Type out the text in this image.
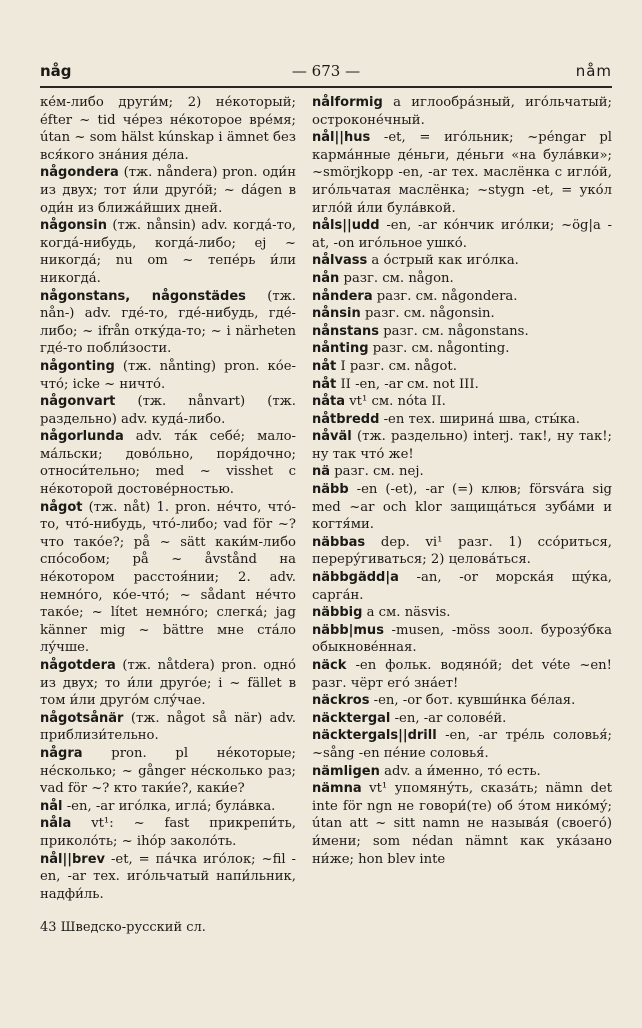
någ	— 673 —	nåm

ке́м-либо други́м; 2) не́который; éfter ~ tid че́рез не́которое вре́мя; útan ~ som hälst kúnskap i ämnet без вся́кого зна́ния де́ла.

någondera (тж. nåndera) pron. оди́н из двух; тот и́ли друго́й; ~ dágen в оди́н из ближа́йших дней.

någonsin (тж. nånsin) adv. когда́-то, когда́-нибудь, когда́-либо; ej ~ никогда́; nu om ~ тепе́рь и́ли никогда́.

någonstans, någonstädes (тж. nån-) adv. где́-то, где́-нибудь, где́-либо; ~ ifrån отку́да-то; ~ i närheten где́-то побли́зости.

någonting (тж. nånting) pron. ко́е-что́; icke ~ ничто́.

någonvart (тж. nånvart) (тж. раздельно) adv. куда́-либо.

någorlunda adv. та́к себе́; мало-ма́льски; дово́льно, поря́дочно; относи́тельно; med ~ visshet с не́которой достове́рностью.

något (тж. nåt) 1. pron. не́что, что́-то, что́-нибудь, что́-либо; vad för ~? что тако́е?; på ~ sätt каки́м-либо спо́собом; på ~ åvstånd на не́котором расстоя́нии; 2. adv. немно́го, ко́е-что́; ~ sådant не́что тако́е; ~ lítet немно́го; слегка́; jag känner mig ~ bättre мне ста́ло лу́чше.

någotdera (тж. nåtdera) pron. одно́ из двух; то и́ли друго́е; i ~ fället в том и́ли друго́м слу́чае.

någotsånär (тж. något så när) adv. приблизи́тельно.

några pron. pl не́которые; не́сколько; ~ gånger не́сколько раз; vad för ~? кто таки́е?, каки́е?

nål -en, -ar иго́лка, игла́; була́вка.

nåla vt¹: ~ fast прикрепи́ть, приколо́ть; ~ ihóp заколо́ть.

nål||brev -et, = па́чка иго́лок; ~fil -en, -ar тех. иго́льчатый напи́льник, надфи́ль.

nålformig a иглообра́зный, иго́льчатый; остроконе́чный.

nål||hus -et, = иго́льник; ~péngar pl карма́нные де́ньги, де́ньги «на була́вки»; ~smörjkopp -en, -ar тех. маслёнка с игло́й, иго́льчатая маслёнка; ~stygn -et, = уко́л игло́й и́ли була́вкой.

nåls||udd -en, -ar ко́нчик иго́лки; ~ög|a -at, -on иго́льное ушко́.

nålvass a о́стрый как иго́лка.

nån разг. см. någon.

nåndera разг. см. någondera.

nånsin разг. см. någonsin.

nånstans разг. см. någonstans.

nånting разг. см. någonting.

nåt I разг. см. något.

nåt II -en, -ar см. not III.

nåta vt¹ см. nóta II.

nåtbredd -en тех. ширина́ шва, сты́ка.

nåväl (тж. раздельно) interj. так!, ну так!; ну так что́ же!

nä разг. см. nej.

näbb -en (-et), -ar (=) клюв; försvára sig med ~ar och klor защища́ться зуба́ми и когтя́ми.

näbbas dep. vi¹ разг. 1) ссо́риться, переру́гиваться; 2) целова́ться.

näbbgädd|a -an, -or морска́я щу́ка, сарга́н.

näbbig a см. näsvis.

näbb|mus -musen, -möss зоол. бурозу́бка обыкнове́нная.

näck -en фольк. водяно́й; det véte ~en! разг. чёрт его́ зна́ет!

näckros -en, -or бот. кувши́нка бе́лая.

näcktergal -en, -ar солове́й.

näcktergals||drill -en, -ar тре́ль соловья́; ~sång -en пе́ние соловья́.

nämligen adv. а и́менно, то́ есть.

nämna vt¹ упомяну́ть, сказа́ть; nämn det inte för ngn не говори́(те) об э́том нико́му́; útan att ~ sitt namn не называ́я (своего́) и́мени; som nédan nämnt как ука́зано ни́же; hon blev inte

43 Шведско-русский сл.
